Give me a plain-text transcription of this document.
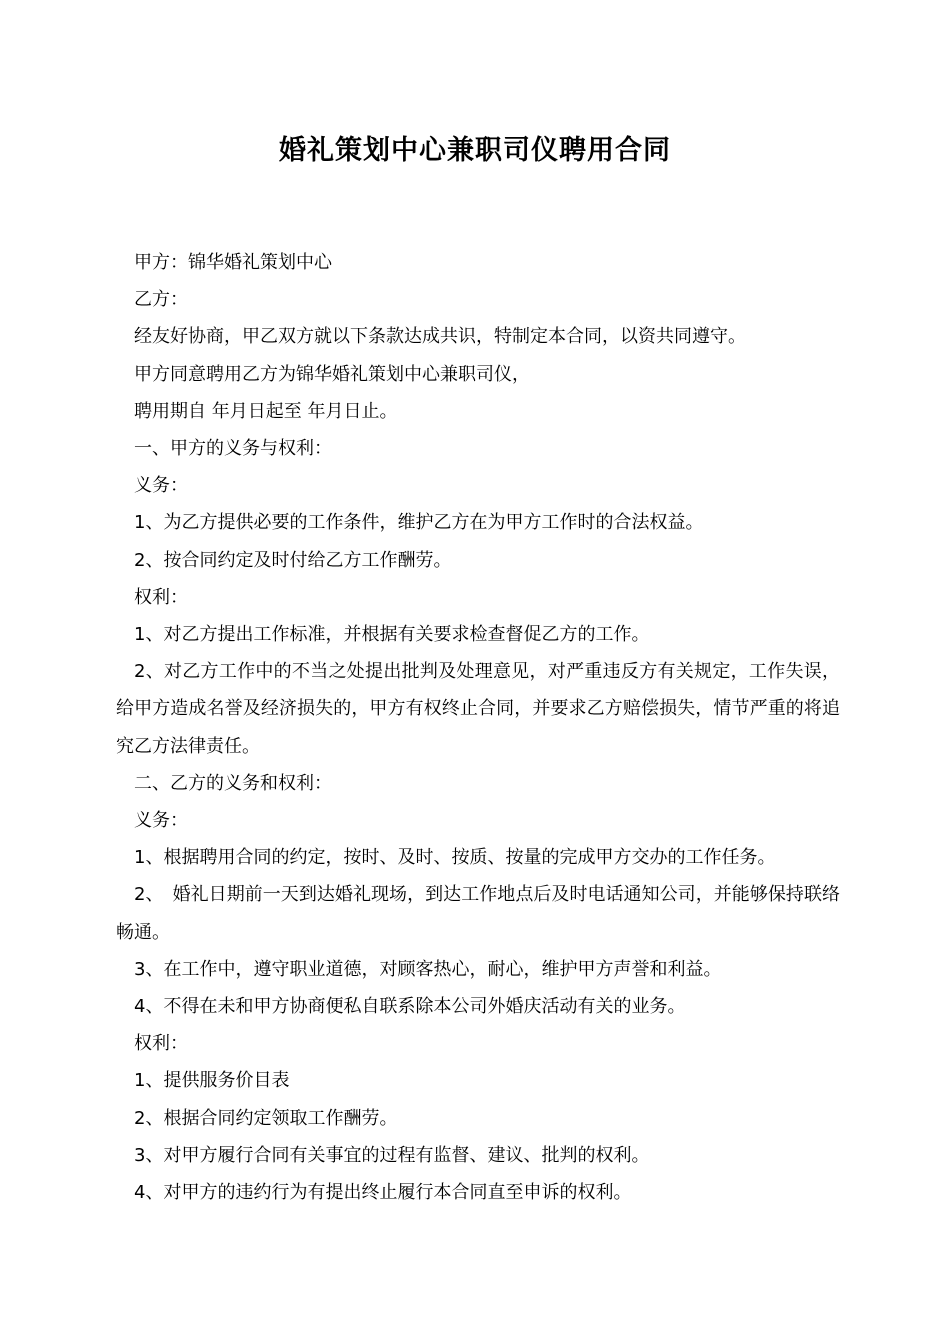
婚礼策划中心兼职司仪聘用合同

甲方：锦华婚礼策划中心

乙方：

经友好协商，甲乙双方就以下条款达成共识，特制定本合同，以资共同遵守。

甲方同意聘用乙方为锦华婚礼策划中心兼职司仪，

聘用期自 年月日起至 年月日止。

一、甲方的义务与权利：

义务：

1、为乙方提供必要的工作条件，维护乙方在为甲方工作时的合法权益。

2、按合同约定及时付给乙方工作酬劳。

权利：

1、对乙方提出工作标准，并根据有关要求检查督促乙方的工作。

2、对乙方工作中的不当之处提出批判及处理意见，对严重违反方有关规定，工作失误，给甲方造成名誉及经济损失的，甲方有权终止合同，并要求乙方赔偿损失，情节严重的将追究乙方法律责任。

二、乙方的义务和权利：

义务：

1、根据聘用合同的约定，按时、及时、按质、按量的完成甲方交办的工作任务。

2、　婚礼日期前一天到达婚礼现场，到达工作地点后及时电话通知公司，并能够保持联络畅通。

3、在工作中，遵守职业道德，对顾客热心，耐心，维护甲方声誉和利益。

4、不得在未和甲方协商便私自联系除本公司外婚庆活动有关的业务。

权利：

1、提供服务价目表

2、根据合同约定领取工作酬劳。

3、对甲方履行合同有关事宜的过程有监督、建议、批判的权利。

4、对甲方的违约行为有提出终止履行本合同直至申诉的权利。
